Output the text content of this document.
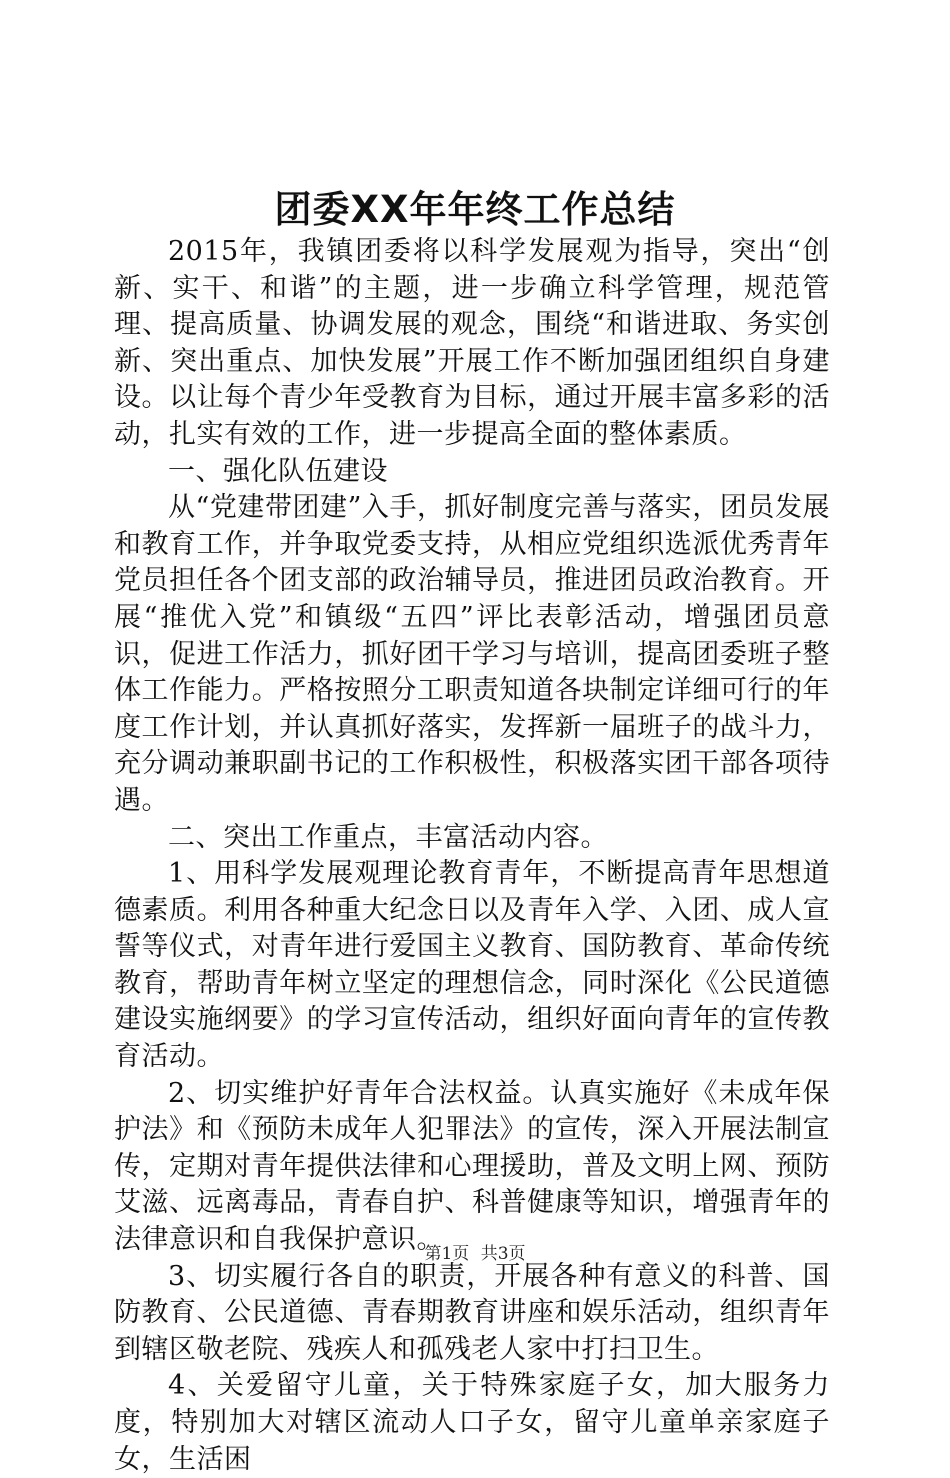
团委XX年年终工作总结

2015年，我镇团委将以科学发展观为指导，突出“创新、实干、和谐”的主题，进一步确立科学管理，规范管理、提高质量、协调发展的观念，围绕“和谐进取、务实创新、突出重点、加快发展”开展工作不断加强团组织自身建设。以让每个青少年受教育为目标，通过开展丰富多彩的活动，扎实有效的工作，进一步提高全面的整体素质。

一、强化队伍建设

从“党建带团建”入手，抓好制度完善与落实，团员发展和教育工作，并争取党委支持，从相应党组织选派优秀青年党员担任各个团支部的政治辅导员，推进团员政治教育。开展“推优入党”和镇级“五四”评比表彰活动，增强团员意识，促进工作活力，抓好团干学习与培训，提高团委班子整体工作能力。严格按照分工职责知道各块制定详细可行的年度工作计划，并认真抓好落实，发挥新一届班子的战斗力，充分调动兼职副书记的工作积极性，积极落实团干部各项待遇。

二、突出工作重点，丰富活动内容。

1、用科学发展观理论教育青年，不断提高青年思想道德素质。利用各种重大纪念日以及青年入学、入团、成人宣誓等仪式，对青年进行爱国主义教育、国防教育、革命传统教育，帮助青年树立坚定的理想信念，同时深化《公民道德建设实施纲要》的学习宣传活动，组织好面向青年的宣传教育活动。

2、切实维护好青年合法权益。认真实施好《未成年保护法》和《预防未成年人犯罪法》的宣传，深入开展法制宣传，定期对青年提供法律和心理援助，普及文明上网、预防艾滋、远离毒品，青春自护、科普健康等知识，增强青年的法律意识和自我保护意识。

3、切实履行各自的职责，开展各种有意义的科普、国防教育、公民道德、青春期教育讲座和娱乐活动，组织青年到辖区敬老院、残疾人和孤残老人家中打扫卫生。

4、关爱留守儿童，关于特殊家庭子女，加大服务力度，特别加大对辖区流动人口子女，留守儿童单亲家庭子女，生活困

第1页 共3页
